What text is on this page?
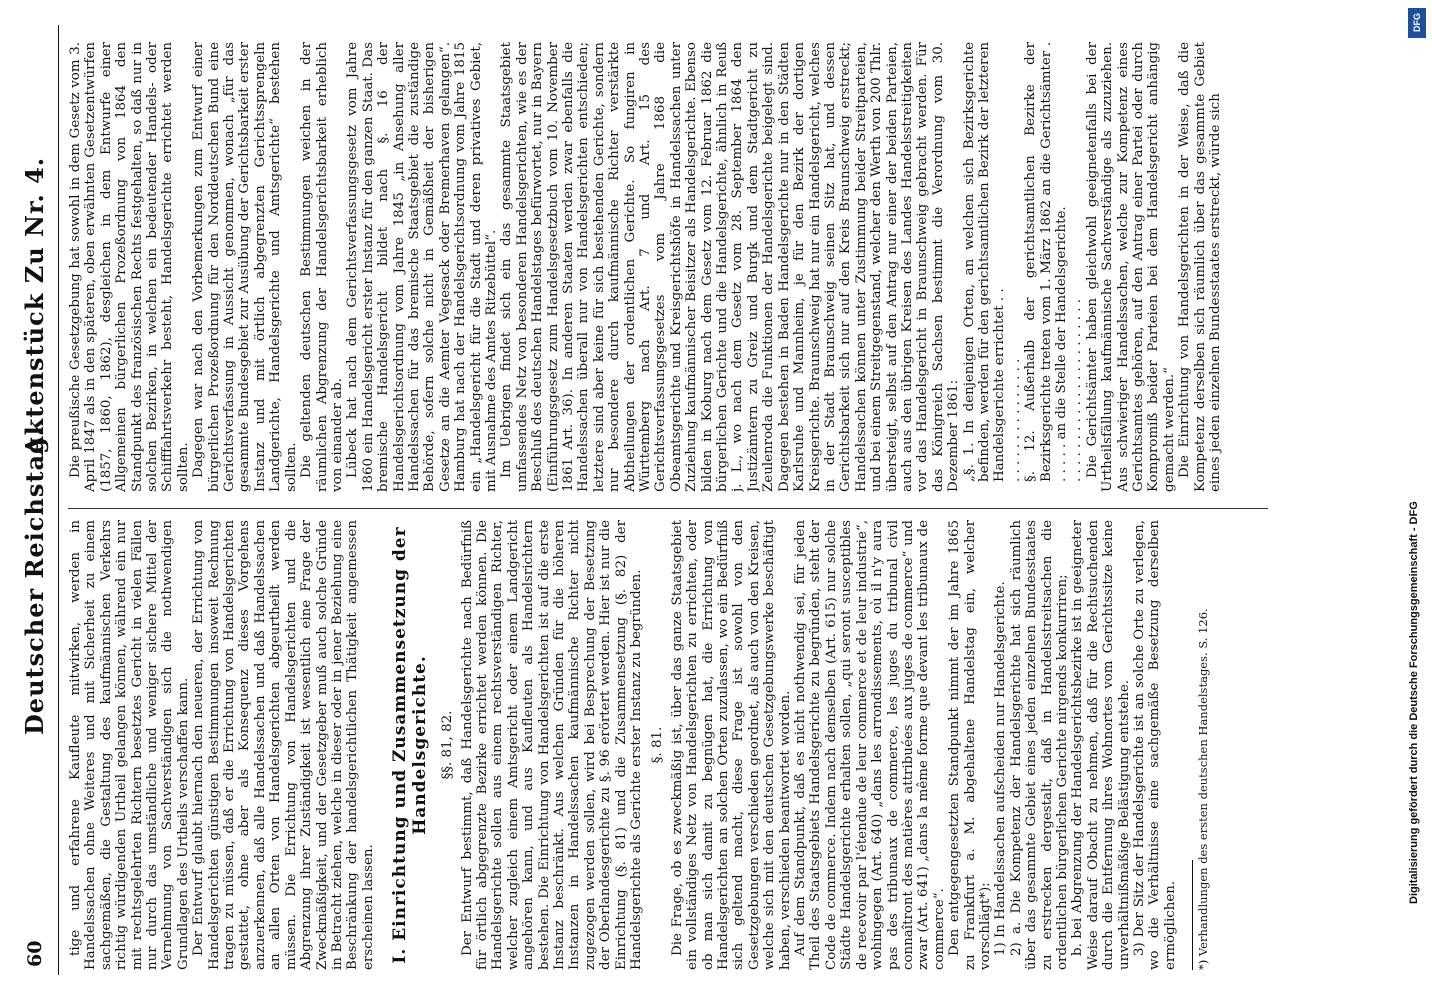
60
Deutscher Reichstag.
Aktenstück Zu Nr. 4.

tige und erfahrene Kaufleute mitwirken, werden in Handelssachen ohne Weiteres und mit Sicherheit zu einem sachgemäßen, die Gestaltung des kaufmännischen Verkehrs richtig würdigenden Urtheil gelangen können, während ein nur mit rechtsgelehrten Richtern besetztes Gericht in vielen Fällen nur durch das umständliche und weniger sichere Mittel der Vernehmung von Sachverständigen sich die nothwendigen Grundlagen des Urtheils verschaffen kann. Der Entwurf glaubt hiernach den neueren, der Errichtung von Handelsgerichten günstigen Bestimmungen insoweit Rechnung tragen zu müssen, daß er die Errichtung von Handelsgerichten gestattet, ohne aber als Konsequenz dieses Vorgehens anzuerkennen, daß alle Handelssachen und daß Handelssachen an allen Orten von Handelsgerichten abgeurtheilt werden müssen. Die Errichtung von Handelsgerichten und die Abgrenzung ihrer Zuständigkeit ist wesentlich eine Frage der Zweckmäßigkeit, und der Gesetzgeber muß auch solche Gründe in Betracht ziehen, welche in dieser oder in jener Beziehung eine Beschränkung der handelsgerichtlichen Thätigkeit angemessen erscheinen lassen. I. Einrichtung und Zusammensetzung der Handelsgerichte. §§. 81, 82. Der Entwurf bestimmt, daß Handelsgerichte nach Bedürfniß für örtlich abgegrenzte Bezirke errichtet werden können. Die Handelsgerichte sollen aus einem rechtsverständigen Richter, welcher zugleich einem Amtsgericht oder einem Landgericht angehören kann, und aus Kaufleuten als Handelsrichtern bestehen. Die Einrichtung von Handelsgerichten ist auf die erste Instanz beschränkt. Aus welchen Gründen für die höheren Instanzen in Handelssachen kaufmännische Richter nicht zugezogen werden sollen, wird bei Besprechung der Besetzung der Oberlandesgerichte zu §. 96 erörtert werden. Hier ist nur die Einrichtung (§. 81) und die Zusammensetzung (§. 82) der Handelsgerichte als Gerichte erster Instanz zu begründen. §. 81. Die Frage, ob es zweckmäßig ist, über das ganze Staatsgebiet ein vollständiges Netz von Handelsgerichten zu errichten, oder ob man sich damit zu begnügen hat, die Errichtung von Handelsgerichten an solchen Orten zuzulassen, wo ein Bedürfniß sich geltend macht, diese Frage ist sowohl von den Gesetzgebungen verschieden geordnet, als auch von den Kreisen, welche sich mit den deutschen Gesetzgebungswerke beschäftigt haben, verschieden beantwortet worden. Auf dem Standpunkt, daß es nicht nothwendig sei, für jeden Theil des Staatsgebiets Handelsgerichte zu begründen, steht der Code de commerce. Indem nach demselben (Art. 615) nur solche Städte Handelsgerichte erhalten sollen, „qui seront susceptibles de recevoir par l'étendue de leur commerce et de leur industrie“, wohingegen (Art. 640) „dans les arrondissements, où il n'y aura pas des tribunaux de commerce, les juges du tribunal civil connaîtront des matières attribuées aux juges de commerce“ und zwar (Art. 641) „dans la même forme que devant les tribunaux de commerce“. Den entgegengesetzten Standpunkt nimmt der im Jahre 1865 zu Frankfurt a. M. abgehaltene Handelstag ein, welcher vorschlägt*): 1) In Handelssachen aufscheiden nur Handelsgerichte. 2) a. Die Kompetenz der Handelsgerichte hat sich räumlich über das gesammte Gebiet eines jeden einzelnen Bundesstaates zu erstrecken dergestalt, daß in Handelsstreitsachen die ordentlichen bürgerlichen Gerichte nirgends konkurriren; b. bei Abgrenzung der Handelsgerichtsbezirke ist in geeigneter Weise darauf Obacht zu nehmen, daß für die Rechtsuchenden durch die Entfernung ihres Wohnortes vom Gerichtssitze keine unverhältnißmäßige Belästigung entstehe. 3) Der Sitz der Handelsgerichte ist an solche Orte zu verlegen, wo die Verhältnisse eine sachgemäße Besetzung derselben ermöglichen. *) Verhandlungen des ersten deutschen Handelstages. S. 126.

Die preußische Gesetzgebung hat sowohl in dem Gesetz vom 3. April 1847 als in den späteren, oben erwähnten Gesetzentwürfen (1857, 1860, 1862), desgleichen in dem Entwurfe einer Allgemeinen bürgerlichen Prozeßordnung von 1864 den Standpunkt des französischen Rechts festgehalten, so daß nur in solchen Bezirken, in welchen ein bedeutender Handels- oder Schifffahrtsverkehr besteht, Handelsgerichte errichtet werden sollten. Dagegen war nach den Vorbemerkungen zum Entwurf einer bürgerlichen Prozeßordnung für den Norddeutschen Bund eine Gerichtsverfassung in Aussicht genommen, wonach „für das gesammte Bundesgebiet zur Ausübung der Gerichtsbarkeit erster Instanz und mit örtlich abgegrenzten Gerichtssprengeln Landgerichte, Handelsgerichte und Amtsgerichte“ bestehen sollten. Die geltenden deutschen Bestimmungen weichen in der räumlichen Abgrenzung der Handelsgerichtsbarkeit erheblich von einander ab. Lübeck hat nach dem Gerichtsverfassungsgesetz vom Jahre 1860 ein Handelsgericht erster Instanz für den ganzen Staat. Das bremische Handelsgericht bildet nach §. 16 der Handelsgerichtsordnung vom Jahre 1845 „in Ansehung aller Handelssachen für das bremische Staatsgebiet die zuständige Behörde, sofern solche nicht in Gemäßheit der bisherigen Gesetze an die Aemter Vegesack oder Bremerhaven gelangen“. Hamburg hat nach der Handelsgerichtsordnung vom Jahre 1815 ein „Handelsgericht für die Stadt und deren privatives Gebiet, mit Ausnahme des Amtes Ritzebüttel“. Im Uebrigen findet sich ein das gesammte Staatsgebiet umfassendes Netz von besonderen Handelsgerichten, wie es der Beschluß des deutschen Handelstages befürwortet, nur in Bayern (Einführungsgesetz zum Handelsgesetzbuch vom 10. November 1861 Art. 36). In anderen Staaten werden zwar ebenfalls die Handelssachen überall nur von Handelsgerichten entschieden; letztere sind aber keine für sich bestehenden Gerichte, sondern nur besondere durch kaufmännische Richter verstärkte Abtheilungen der ordentlichen Gerichte. So fungiren in Württemberg nach Art. 7 und Art. 15 des Gerichtsverfassungsgesetzes vom Jahre 1868 die Obeamtsgerichte und Kreisgerichtshöfe in Handelssachen unter Zuziehung kaufmännischer Beisitzer als Handelsgerichte. Ebenso bilden in Koburg nach dem Gesetz vom 12. Februar 1862 die bürgerlichen Gerichte und die Handelsgerichte, ähnlich in Reuß j. L., wo nach dem Gesetz vom 28. September 1864 den Justizämtern zu Greiz und Burgk und dem Stadtgericht zu Zeulenroda die Funktionen der Handelsgerichte beigelegt sind. Dagegen bestehen in Baden Handelsgerichte nur in den Städten Karlsruhe und Mannheim, je für den Bezirk der dortigen Kreisgerichte. Braunschweig hat nur ein Handelsgericht, welches in der Stadt Braunschweig seinen Sitz hat, und dessen Gerichtsbarkeit sich nur auf den Kreis Braunschweig erstreckt; Handelssachen können unter Zustimmung beider Streitparteien, und bei einem Streitgegenstand, welcher den Werth von 200 Thlr. übersteigt, selbst auf den Antrag nur einer der beiden Parteien, auch aus den übrigen Kreisen des Landes Handelsstreitigkeiten vor das Handelsgericht in Braunschweig gebracht werden. Für das Königreich Sachsen bestimmt die Verordnung vom 30. Dezember 1861: „§. 1. In denjenigen Orten, an welchen sich Bezirksgerichte befinden, werden für den gerichtsamtlichen Bezirk der letzteren Handelsgerichte errichtet . . . . . . . . . . . . . . . . . §. 12. Außerhalb der gerichtsamtlichen Bezirke der Bezirksgerichte treten vom 1. März 1862 an die Gerichtsämter . . . . . . an die Stelle der Handelsgerichte. . . . . . . . . . . . . . . . . . . . . . . Die Gerichtsämter haben gleichwohl geeignetenfalls bei der Urtheilsfällung kaufmännische Sachverständige als zuzuziehen. Aus schwieriger Handelssachen, welche zur Kompetenz eines Gerichtsamtes gehören, auf den Antrag einer Partei oder durch Kompromiß beider Parteien bei dem Handelsgericht anhängig gemacht werden.“ Die Einrichtung von Handelsgerichten in der Weise, daß die Kompetenz derselben sich räumlich über das gesammte Gebiet eines jeden einzelnen Bundesstaates erstreckt, würde sich

DFG
Digitalisierung gefördert durch die Deutsche Forschungsgemeinschaft - DFG
